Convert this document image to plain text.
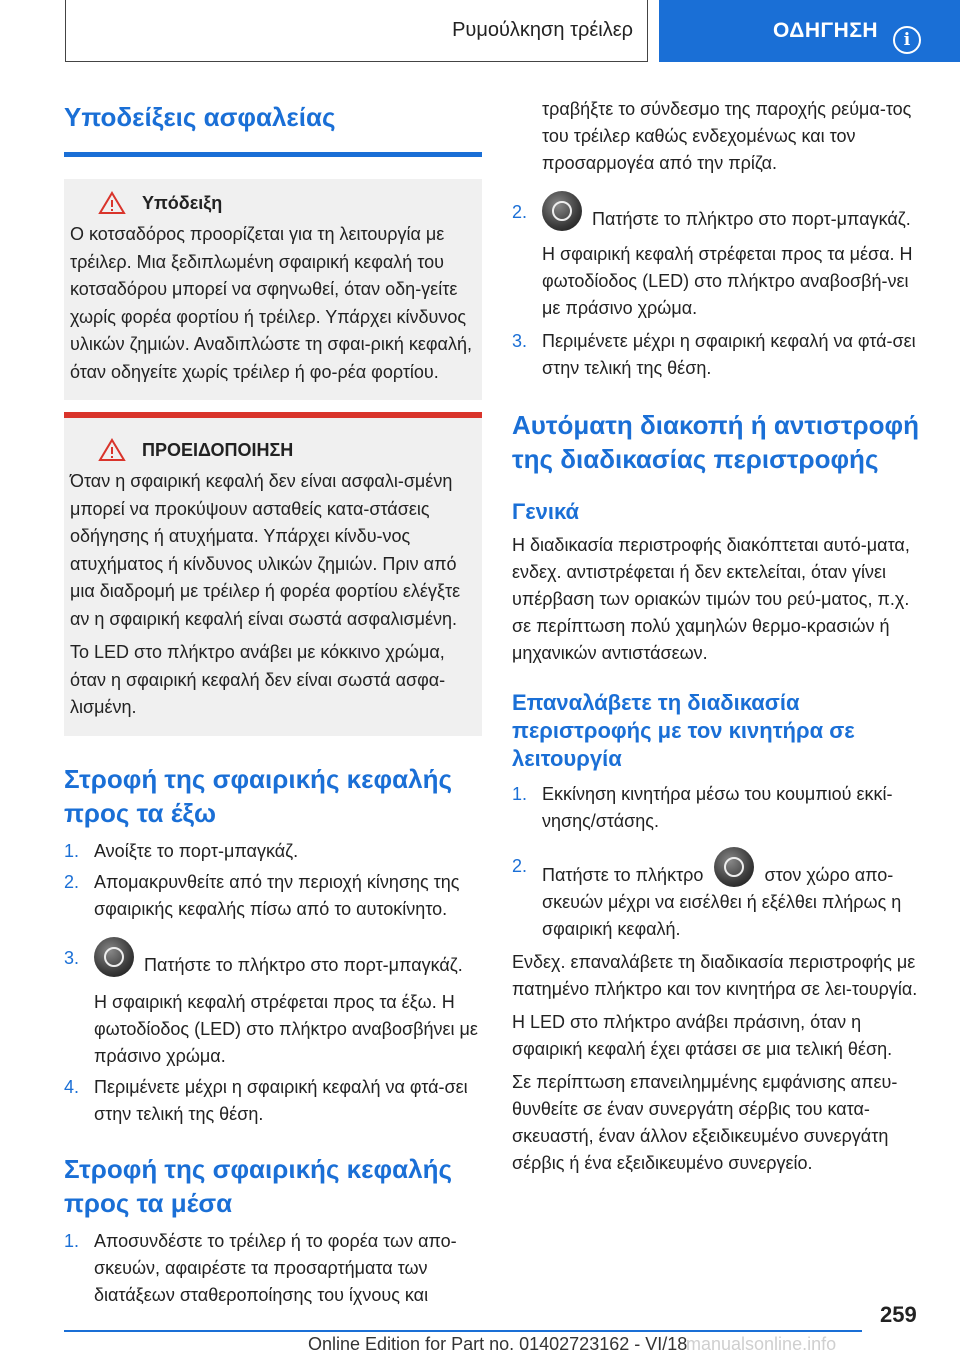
Ρυμούλκηση τρέιλερ	ΟΔΗΓΗΣΗ i
Υποδείξεις ασφαλείας
Υπόδειξη

Ο κοτσαδόρος προορίζεται για τη λειτουργία με τρέιλερ. Μια ξεδιπλωμένη σφαιρική κεφαλή του κοτσαδόρου μπορεί να σφηνωθεί, όταν οδη-γείτε χωρίς φορέα φορτίου ή τρέιλερ. Υπάρχει κίνδυνος υλικών ζημιών. Αναδιπλώστε τη σφαι-ρική κεφαλή, όταν οδηγείτε χωρίς τρέιλερ ή φο-ρέα φορτίου.

ΠΡΟΕΙΔΟΠΟΙΗΣΗ

Όταν η σφαιρική κεφαλή δεν είναι ασφαλι-σμένη μπορεί να προκύψουν ασταθείς κατα-στάσεις οδήγησης ή ατυχήματα. Υπάρχει κίνδυ-νος ατυχήματος ή κίνδυνος υλικών ζημιών. Πριν από μια διαδρομή με τρέιλερ ή φορέα φορτίου ελέγξτε αν η σφαιρική κεφαλή είναι σωστά ασφαλισμένη.

Το LED στο πλήκτρο ανάβει με κόκκινο χρώμα, όταν η σφαιρική κεφαλή δεν είναι σωστά ασφα-λισμένη.

Στροφή της σφαιρικής κεφαλής προς τα έξω
1. Ανοίξτε το πορτ-μπαγκάζ.
2. Απομακρυνθείτε από την περιοχή κίνησης της σφαιρικής κεφαλής πίσω από το αυτοκίνητο.
3.	Πατήστε το πλήκτρο στο πορτ-μπαγκάζ.

Η σφαιρική κεφαλή στρέφεται προς τα έξω. Η φωτοδίοδος (LED) στο πλήκτρο αναβοσβήνει με πράσινο χρώμα.
4. Περιμένετε μέχρι η σφαιρική κεφαλή να φτά-σει στην τελική της θέση.
Στροφή της σφαιρικής κεφαλής προς τα μέσα
1. Αποσυνδέστε το τρέιλερ ή το φορέα των απο-σκευών, αφαιρέστε τα προσαρτήματα των διατάξεων σταθεροποίησης του ίχνους και

τραβήξτε το σύνδεσμο της παροχής ρεύμα-τος του τρέιλερ καθώς ενδεχομένως και τον προσαρμογέα από την πρίζα.

2.	Πατήστε το πλήκτρο στο πορτ-μπαγκάζ.

Η σφαιρική κεφαλή στρέφεται προς τα μέσα. Η φωτοδίοδος (LED) στο πλήκτρο αναβοσβή-νει με πράσινο χρώμα.
3. Περιμένετε μέχρι η σφαιρική κεφαλή να φτά-σει στην τελική της θέση.
Αυτόματη διακοπή ή αντιστροφή της διαδικασίας περιστροφής
Γενικά

Η διαδικασία περιστροφής διακόπτεται αυτό-ματα, ενδεχ. αντιστρέφεται ή δεν εκτελείται, όταν γίνει υπέρβαση των οριακών τιμών του ρεύ-ματος, π.χ. σε περίπτωση πολύ χαμηλών θερμο-κρασιών ή μηχανικών αντιστάσεων.

Επαναλάβετε τη διαδικασία περιστροφής με τον κινητήρα σε λειτουργία
1. Εκκίνηση κινητήρα μέσω του κουμπιού εκκί-νησης/στάσης.
2. Πατήστε το πλήκτρο	στον χώρο απο-σκευών μέχρι να εισέλθει ή εξέλθει πλήρως η σφαιρική κεφαλή.

Ενδεχ. επαναλάβετε τη διαδικασία περιστροφής με πατημένο πλήκτρο και τον κινητήρα σε λει-τουργία.

Η LED στο πλήκτρο ανάβει πράσινη, όταν η σφαιρική κεφαλή έχει φτάσει σε μια τελική θέση.

Σε περίπτωση επανειλημμένης εμφάνισης απευ-θυνθείτε σε έναν συνεργάτη σέρβις του κατα-σκευαστή, έναν άλλον εξειδικευμένο συνεργάτη σέρβις ή ένα εξειδικευμένο συνεργείο.

259
Online Edition for Part no. 01402723162 - VI/18
manualsonline.info
